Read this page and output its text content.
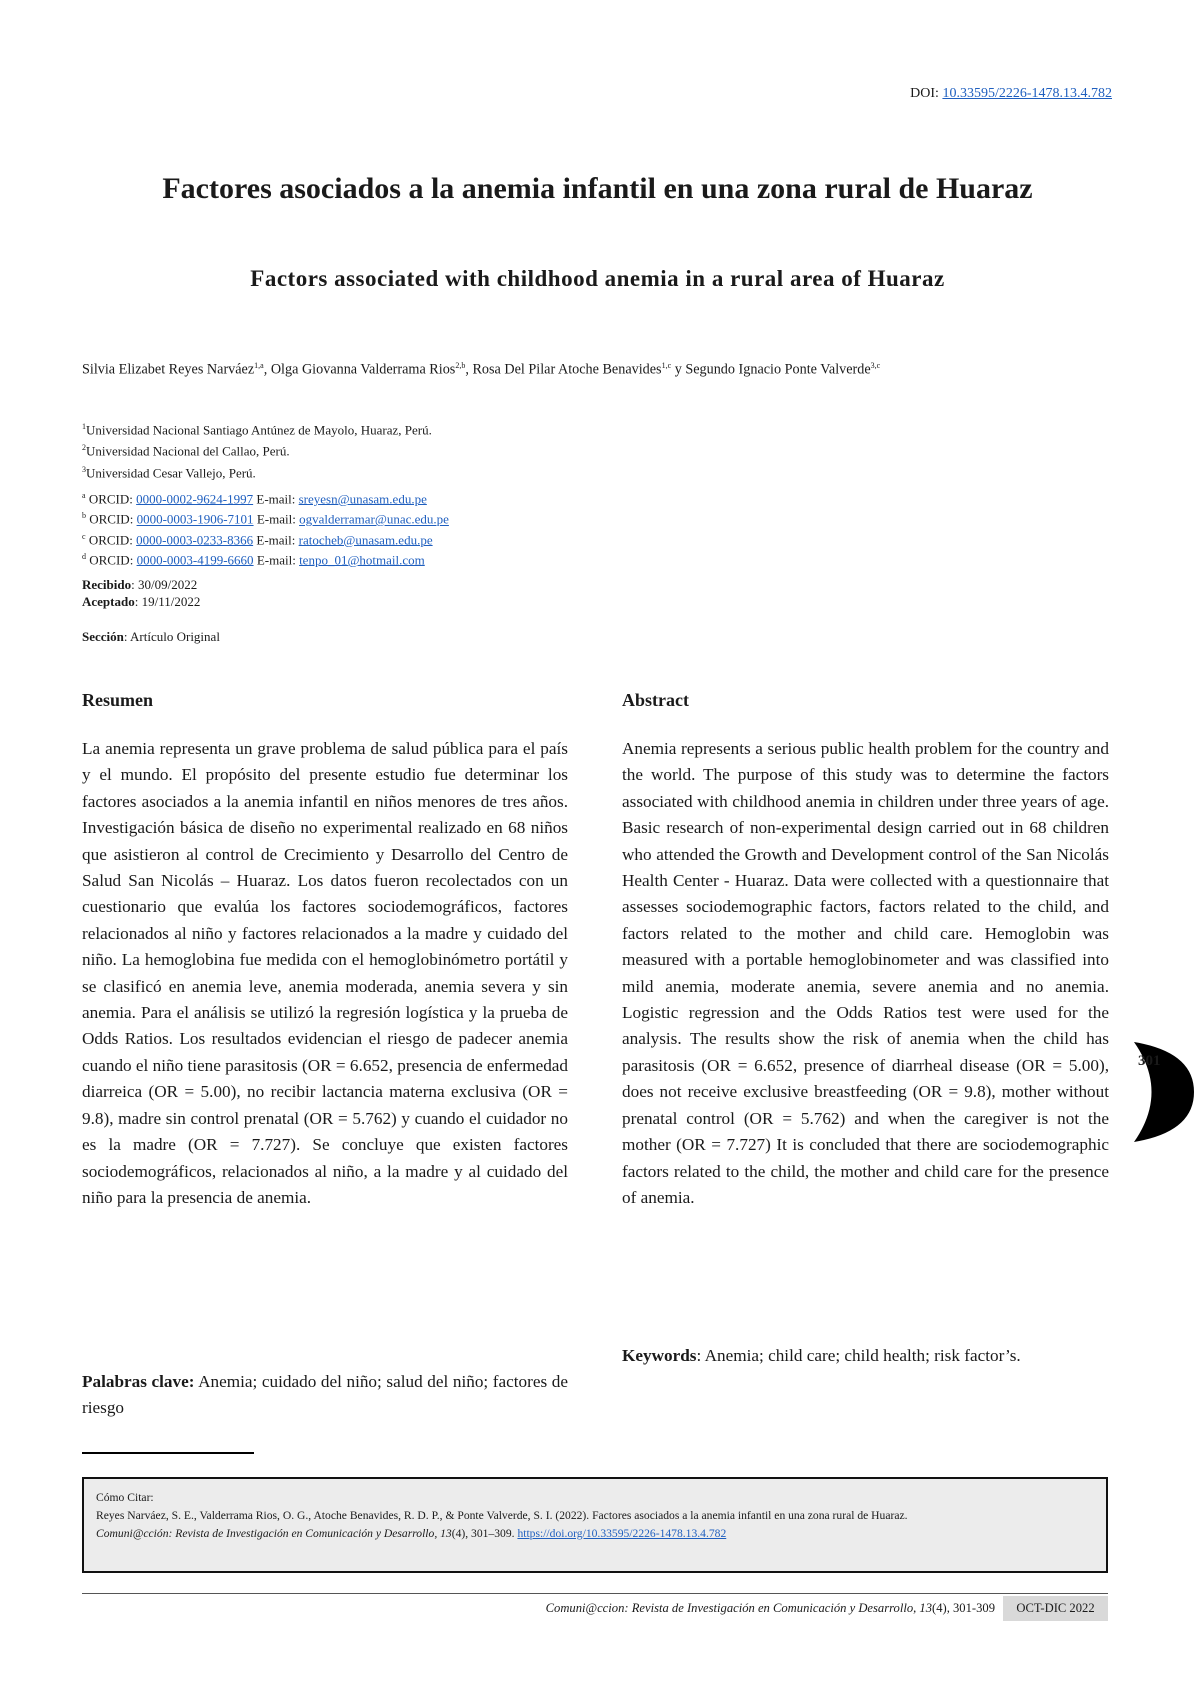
DOI: 10.33595/2226-1478.13.4.782
Factores asociados a la anemia infantil en una zona rural de Huaraz
Factors associated with childhood anemia in a rural area of Huaraz
Silvia Elizabet Reyes Narváez$^{1,a}$, Olga Giovanna Valderrama Rios$^{2,b}$, Rosa Del Pilar Atoche Benavides$^{1,c}$ y Segundo Ignacio Ponte Valverde$^{3,c}$
$^1$Universidad Nacional Santiago Antúnez de Mayolo, Huaraz, Perú.
$^2$Universidad Nacional del Callao, Perú.
$^3$Universidad Cesar Vallejo, Perú.
$^a$ ORCID: 0000-0002-9624-1997 E-mail: sreyesn@unasam.edu.pe
$^b$ ORCID: 0000-0003-1906-7101 E-mail: ogvalderramar@unac.edu.pe
$^c$ ORCID: 0000-0003-0233-8366 E-mail: ratocheb@unasam.edu.pe
$^d$ ORCID: 0000-0003-4199-6660 E-mail: tenpo_01@hotmail.com
Recibido: 30/09/2022
Aceptado: 19/11/2022
Sección: Artículo Original
Resumen
La anemia representa un grave problema de salud pública para el país y el mundo. El propósito del presente estudio fue determinar los factores asociados a la anemia infantil en niños menores de tres años. Investigación básica de diseño no experimental realizado en 68 niños que asistieron al control de Crecimiento y Desarrollo del Centro de Salud San Nicolás – Huaraz. Los datos fueron recolectados con un cuestionario que evalúa los factores sociodemográficos, factores relacionados al niño y factores relacionados a la madre y cuidado del niño. La hemoglobina fue medida con el hemoglobinómetro portátil y se clasificó en anemia leve, anemia moderada, anemia severa y sin anemia. Para el análisis se utilizó la regresión logística y la prueba de Odds Ratios. Los resultados evidencian el riesgo de padecer anemia cuando el niño tiene parasitosis (OR = 6.652, presencia de enfermedad diarreica (OR = 5.00), no recibir lactancia materna exclusiva (OR = 9.8), madre sin control prenatal (OR = 5.762) y cuando el cuidador no es la madre (OR = 7.727). Se concluye que existen factores sociodemográficos, relacionados al niño, a la madre y al cuidado del niño para la presencia de anemia.
Palabras clave: Anemia; cuidado del niño; salud del niño; factores de riesgo
Abstract
Anemia represents a serious public health problem for the country and the world. The purpose of this study was to determine the factors associated with childhood anemia in children under three years of age. Basic research of non-experimental design carried out in 68 children who attended the Growth and Development control of the San Nicolás Health Center - Huaraz. Data were collected with a questionnaire that assesses sociodemographic factors, factors related to the child, and factors related to the mother and child care. Hemoglobin was measured with a portable hemoglobinometer and was classified into mild anemia, moderate anemia, severe anemia and no anemia. Logistic regression and the Odds Ratios test were used for the analysis. The results show the risk of anemia when the child has parasitosis (OR = 6.652, presence of diarrheal disease (OR = 5.00), does not receive exclusive breastfeeding (OR = 9.8), mother without prenatal control (OR = 5.762) and when the caregiver is not the mother (OR = 7.727) It is concluded that there are sociodemographic factors related to the child, the mother and child care for the presence of anemia.
Keywords: Anemia; child care; child health; risk factor’s.
Cómo Citar:
Reyes Narváez, S. E., Valderrama Rios, O. G., Atoche Benavides, R. D. P., & Ponte Valverde, S. I. (2022). Factores asociados a la anemia infantil en una zona rural de Huaraz.
Comuni@cción: Revista de Investigación en Comunicación y Desarrollo, 13(4), 301–309. https://doi.org/10.33595/2226-1478.13.4.782
301
Comuni@ccion: Revista de Investigación en Comunicación y Desarrollo, 13(4), 301-309	OCT-DIC 2022
